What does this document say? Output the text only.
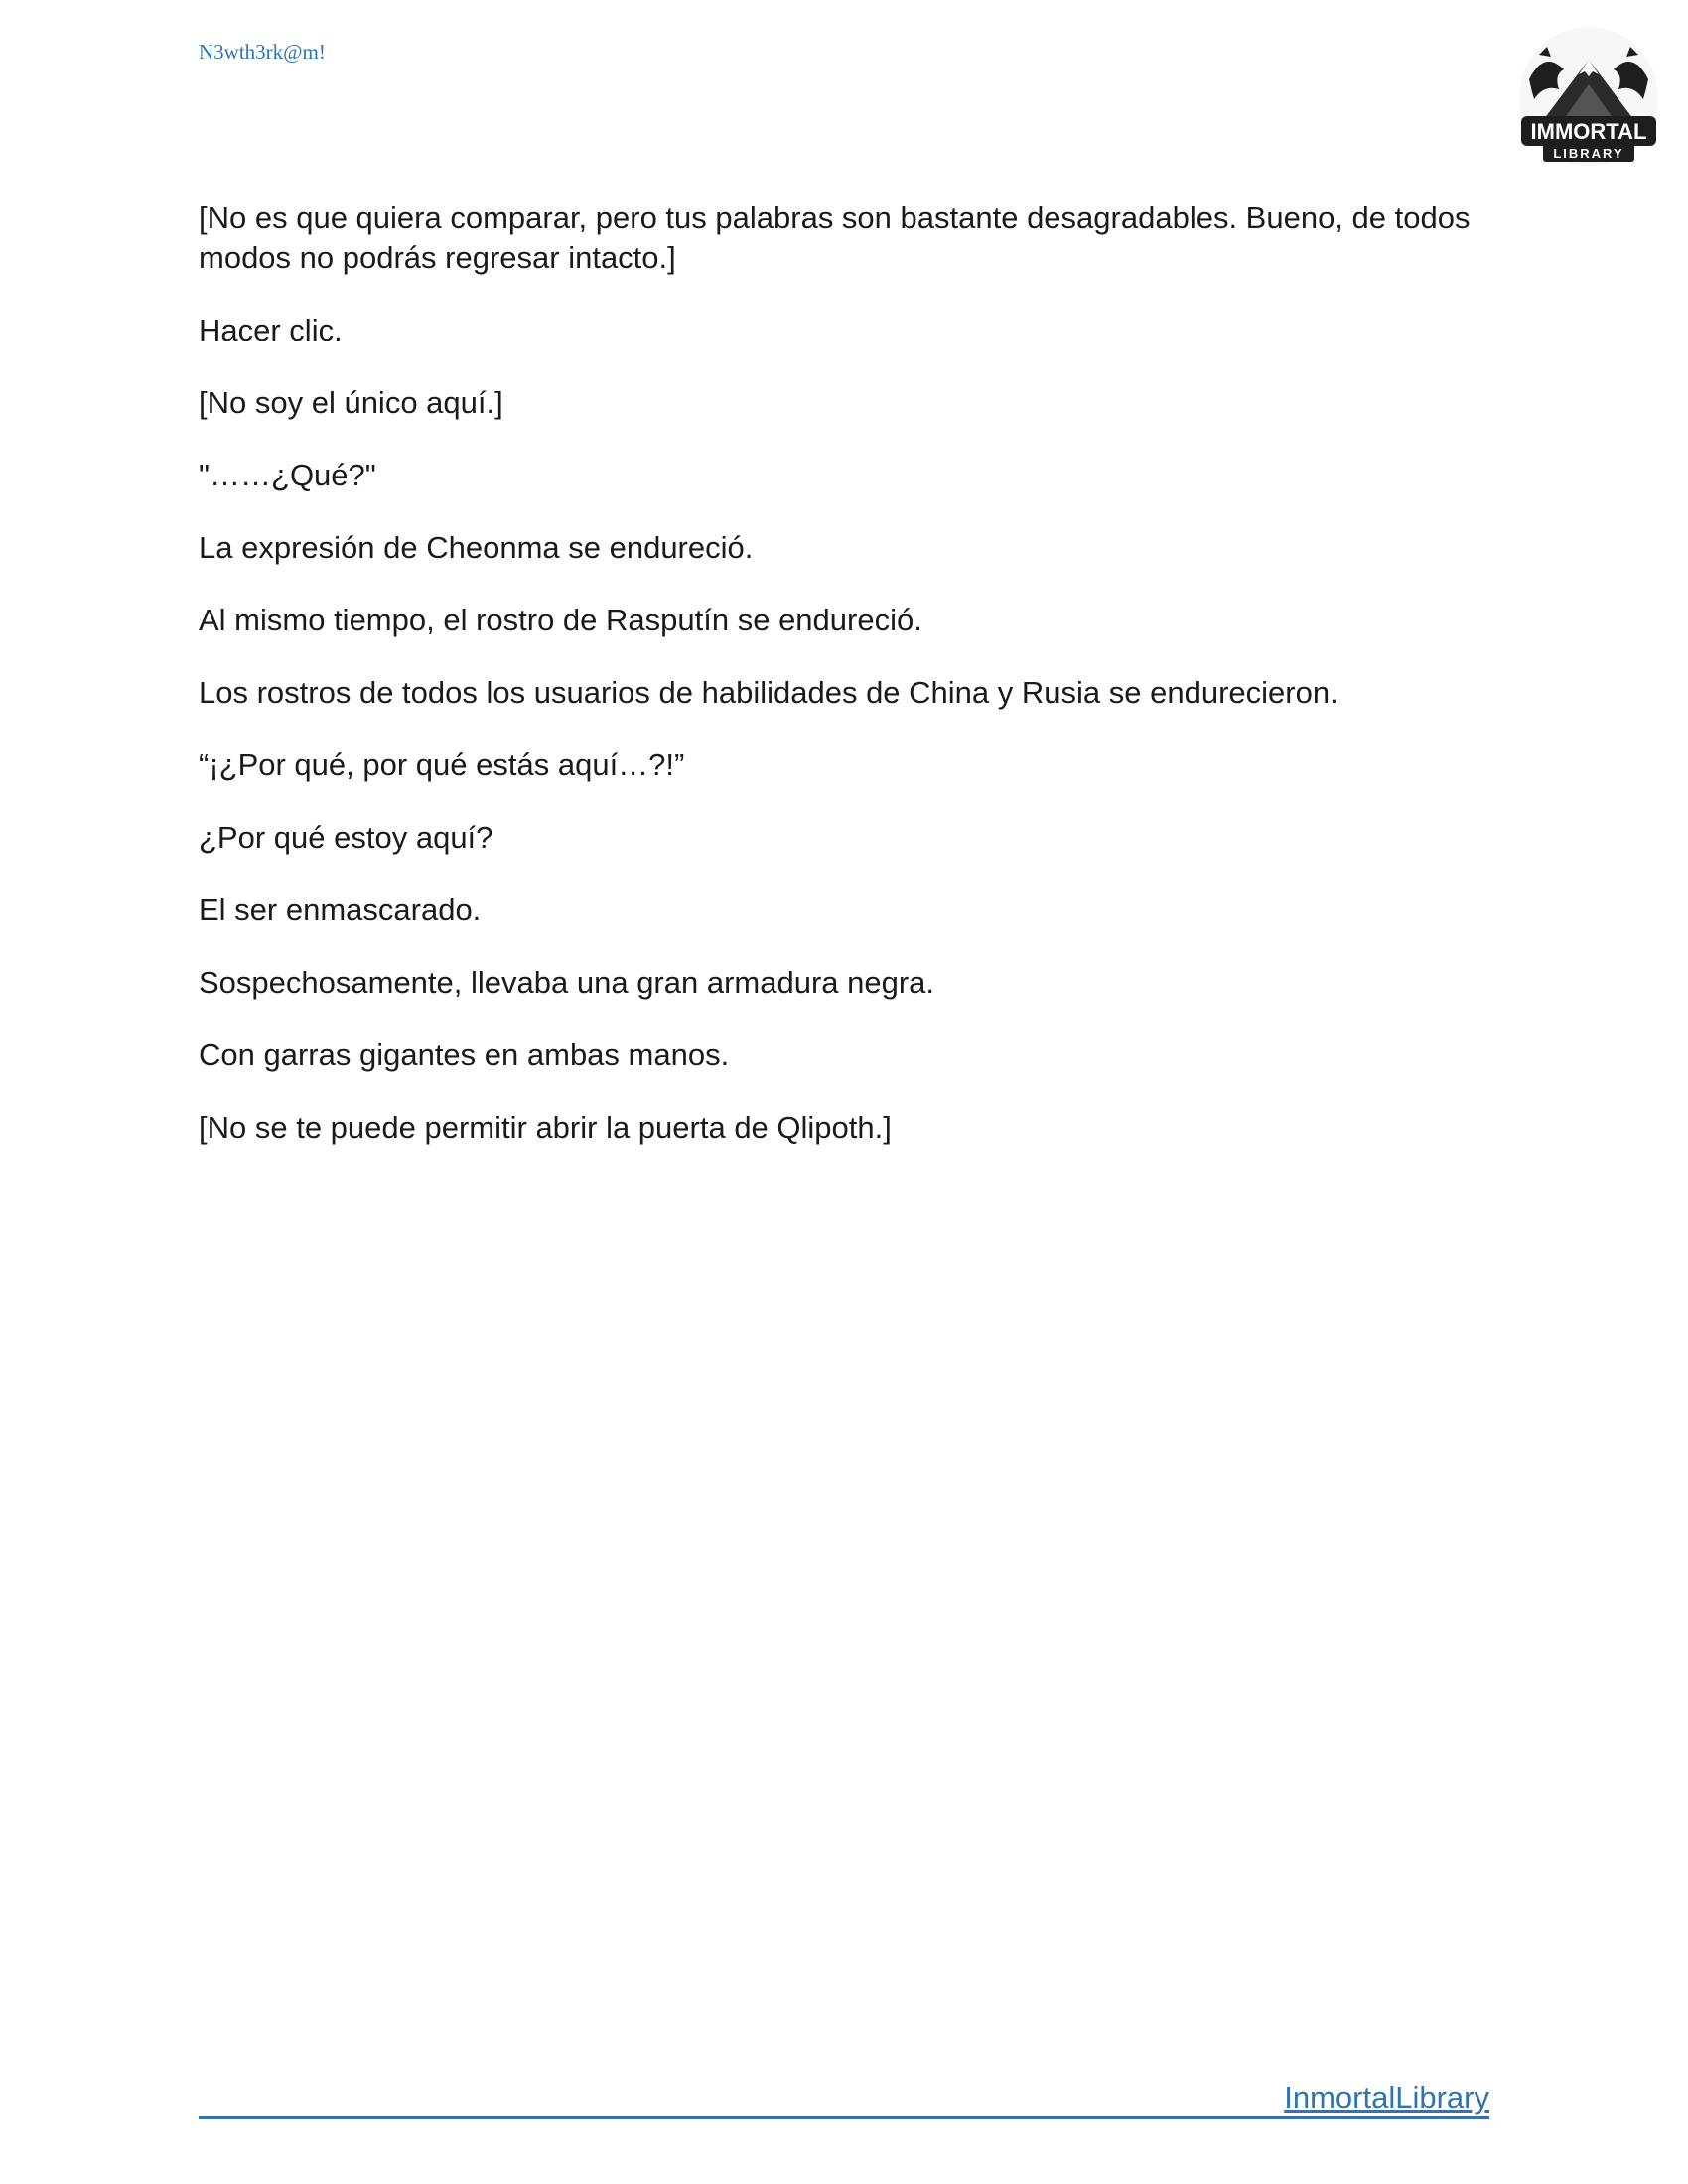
N3wth3rk@m!
IMMORTAL
LIBRARY

[No es que quiera comparar, pero tus palabras son bastante desagradables. Bueno, de todos modos no podrás regresar intacto.]

Hacer clic.

[No soy el único aquí.]

"……¿Qué?"

La expresión de Cheonma se endureció.

Al mismo tiempo, el rostro de Rasputín se endureció.

Los rostros de todos los usuarios de habilidades de China y Rusia se endurecieron.

“¡¿Por qué, por qué estás aquí…?!”

¿Por qué estoy aquí?

El ser enmascarado.

Sospechosamente, llevaba una gran armadura negra.

Con garras gigantes en ambas manos.

[No se te puede permitir abrir la puerta de Qlipoth.]

InmortalLibrary
